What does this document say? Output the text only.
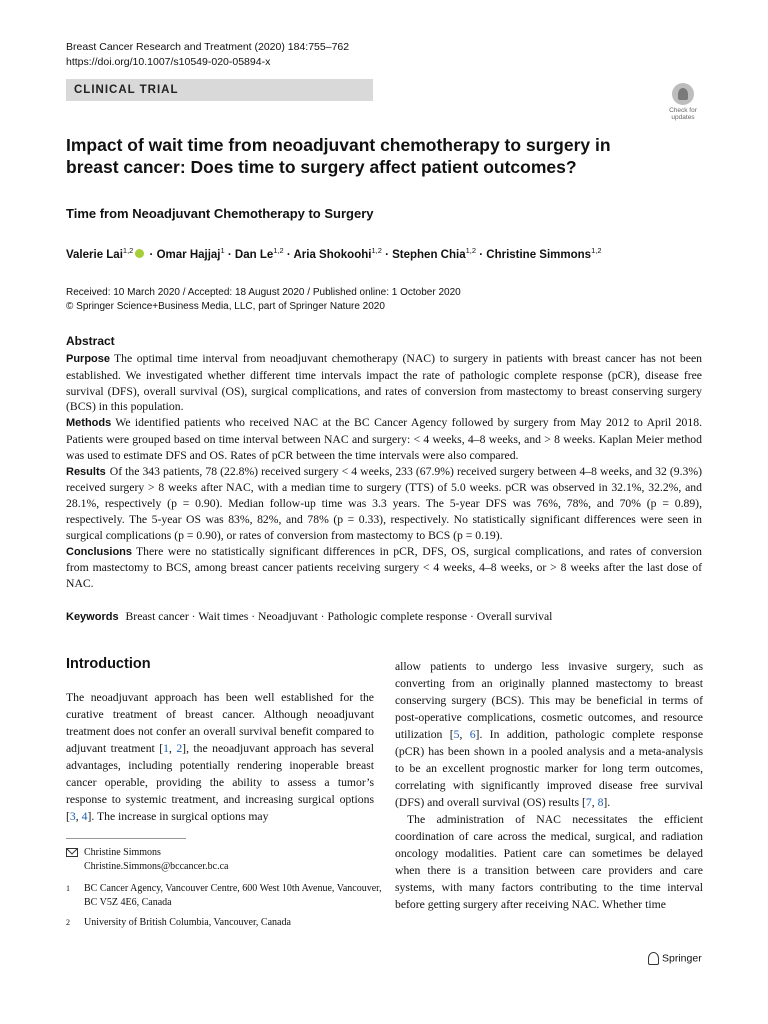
Breast Cancer Research and Treatment (2020) 184:755–762
https://doi.org/10.1007/s10549-020-05894-x
CLINICAL TRIAL
Check for
updates
Impact of wait time from neoadjuvant chemotherapy to surgery in breast cancer: Does time to surgery affect patient outcomes?
Time from Neoadjuvant Chemotherapy to Surgery
Valerie Lai$^{1,2}$ · Omar Hajjaj$^1$ · Dan Le$^{1,2}$ · Aria Shokoohi$^{1,2}$ · Stephen Chia$^{1,2}$ · Christine Simmons$^{1,2}$
Received: 10 March 2020 / Accepted: 18 August 2020 / Published online: 1 October 2020
© Springer Science+Business Media, LLC, part of Springer Nature 2020
Abstract

Purpose The optimal time interval from neoadjuvant chemotherapy (NAC) to surgery in patients with breast cancer has not been established. We investigated whether different time intervals impact the rate of pathologic complete response (pCR), disease free survival (DFS), overall survival (OS), surgical complications, and rates of conversion from mastectomy to breast conserving surgery (BCS) in this population.

Methods We identified patients who received NAC at the BC Cancer Agency followed by surgery from May 2012 to April 2018. Patients were grouped based on time interval between NAC and surgery: < 4 weeks, 4–8 weeks, and > 8 weeks. Kaplan Meier method was used to estimate DFS and OS. Rates of pCR between the time intervals were also compared.

Results Of the 343 patients, 78 (22.8%) received surgery < 4 weeks, 233 (67.9%) received surgery between 4–8 weeks, and 32 (9.3%) received surgery > 8 weeks after NAC, with a median time to surgery (TTS) of 5.0 weeks. pCR was observed in 32.1%, 32.2%, and 28.1%, respectively (p = 0.90). Median follow-up time was 3.3 years. The 5-year DFS was 76%, 78%, and 70% (p = 0.89), respectively. The 5-year OS was 83%, 82%, and 78% (p = 0.33), respectively. No statistically significant differences were seen in surgical complications (p = 0.90), or rates of conversion from mastectomy to BCS (p = 0.19).

Conclusions There were no statistically significant differences in pCR, DFS, OS, surgical complications, and rates of conversion from mastectomy to BCS, among breast cancer patients receiving surgery < 4 weeks, 4–8 weeks, or > 8 weeks after the last dose of NAC.

Keywords Breast cancer · Wait times · Neoadjuvant · Pathologic complete response · Overall survival
Introduction

The neoadjuvant approach has been well established for the curative treatment of breast cancer. Although neoadjuvant treatment does not confer an overall survival benefit compared to adjuvant treatment [1, 2], the neoadjuvant approach has several advantages, including potentially rendering inoperable breast cancer operable, providing the ability to assess a tumor’s response to systemic treatment, and increasing surgical options [3, 4]. The increase in surgical options may

allow patients to undergo less invasive surgery, such as converting from an originally planned mastectomy to breast conserving surgery (BCS). This may be beneficial in terms of post-operative complications, cosmetic outcomes, and resource utilization [5, 6]. In addition, pathologic complete response (pCR) has been shown in a pooled analysis and a meta-analysis to be an excellent prognostic marker for long term outcomes, correlating with significantly improved disease free survival (DFS) and overall survival (OS) results [7, 8].

The administration of NAC necessitates the efficient coordination of care across the medical, surgical, and radiation oncology modalities. Patient care can sometimes be delayed when there is a transition between care providers and care systems, with many factors contributing to the time interval before getting surgery after receiving NAC. Whether time

Christine Simmons
Christine.Simmons@bccancer.bc.ca
1 BC Cancer Agency, Vancouver Centre, 600 West 10th Avenue, Vancouver, BC V5Z 4E6, Canada
2 University of British Columbia, Vancouver, Canada
Springer
